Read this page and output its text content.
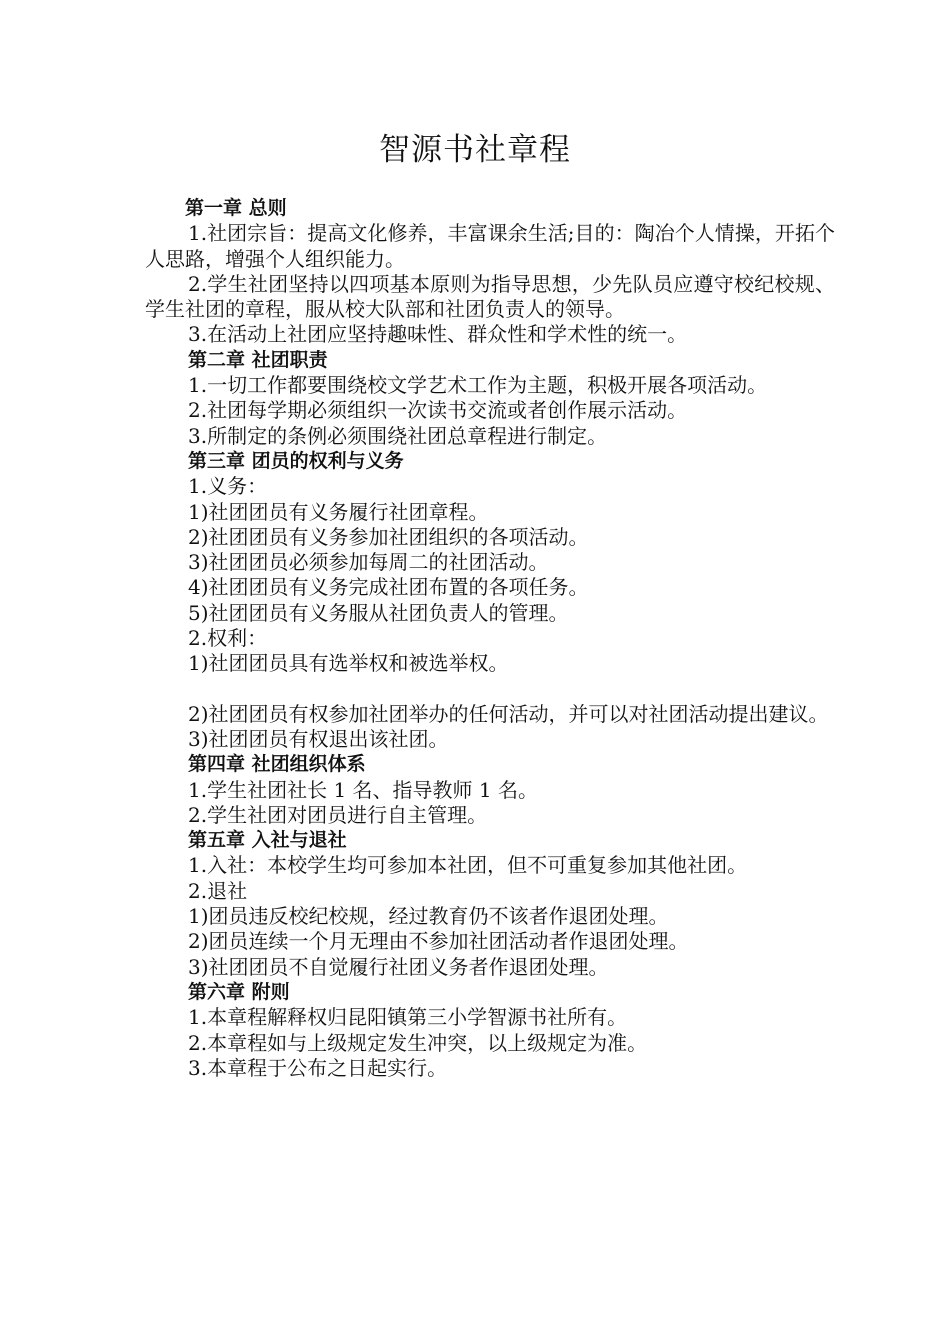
智源书社章程

第一章 总则

1.社团宗旨：提高文化修养，丰富课余生活;目的：陶冶个人情操，开拓个人思路，增强个人组织能力。

2.学生社团坚持以四项基本原则为指导思想，少先队员应遵守校纪校规、学生社团的章程，服从校大队部和社团负责人的领导。

3.在活动上社团应坚持趣味性、群众性和学术性的统一。

第二章 社团职责

1.一切工作都要围绕校文学艺术工作为主题，积极开展各项活动。

2.社团每学期必须组织一次读书交流或者创作展示活动。

3.所制定的条例必须围绕社团总章程进行制定。

第三章 团员的权利与义务

1.义务：

1)社团团员有义务履行社团章程。

2)社团团员有义务参加社团组织的各项活动。

3)社团团员必须参加每周二的社团活动。

4)社团团员有义务完成社团布置的各项任务。

5)社团团员有义务服从社团负责人的管理。

2.权利：

1)社团团员具有选举权和被选举权。

2)社团团员有权参加社团举办的任何活动，并可以对社团活动提出建议。

3)社团团员有权退出该社团。

第四章 社团组织体系

1.学生社团社长 1 名、指导教师 1 名。

2.学生社团对团员进行自主管理。

第五章 入社与退社

1.入社：本校学生均可参加本社团，但不可重复参加其他社团。

2.退社

1)团员违反校纪校规，经过教育仍不该者作退团处理。

2)团员连续一个月无理由不参加社团活动者作退团处理。

3)社团团员不自觉履行社团义务者作退团处理。

第六章 附则

1.本章程解释权归昆阳镇第三小学智源书社所有。

2.本章程如与上级规定发生冲突，以上级规定为准。

3.本章程于公布之日起实行。
